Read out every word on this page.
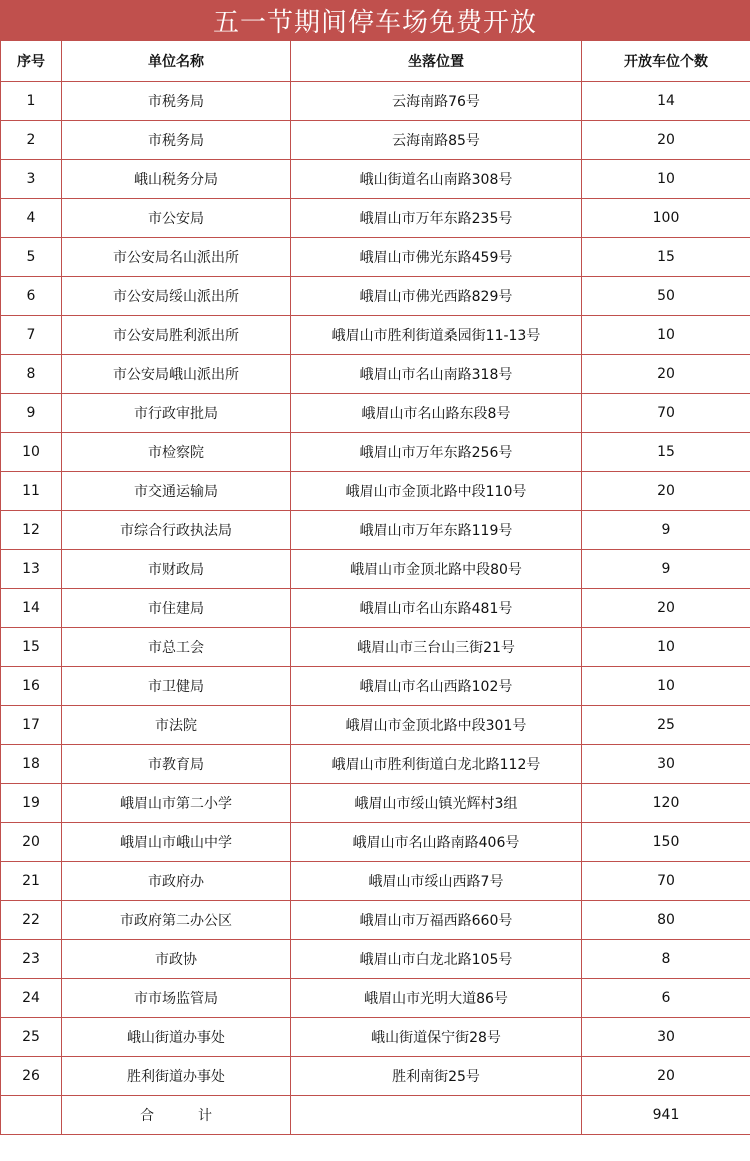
五一节期间停车场免费开放
序号	单位名称	坐落位置	开放车位个数
1	市税务局	云海南路76号	14
2	市税务局	云海南路85号	20
3	峨山税务分局	峨山街道名山南路308号	10
4	市公安局	峨眉山市万年东路235号	100
5	市公安局名山派出所	峨眉山市佛光东路459号	15
6	市公安局绥山派出所	峨眉山市佛光西路829号	50
7	市公安局胜利派出所	峨眉山市胜利街道桑园街11-13号	10
8	市公安局峨山派出所	峨眉山市名山南路318号	20
9	市行政审批局	峨眉山市名山路东段8号	70
10	市检察院	峨眉山市万年东路256号	15
11	市交通运输局	峨眉山市金顶北路中段110号	20
12	市综合行政执法局	峨眉山市万年东路119号	9
13	市财政局	峨眉山市金顶北路中段80号	9
14	市住建局	峨眉山市名山东路481号	20
15	市总工会	峨眉山市三台山三街21号	10
16	市卫健局	峨眉山市名山西路102号	10
17	市法院	峨眉山市金顶北路中段301号	25
18	市教育局	峨眉山市胜利街道白龙北路112号	30
19	峨眉山市第二小学	峨眉山市绥山镇光辉村3组	120
20	峨眉山市峨山中学	峨眉山市名山路南路406号	150
21	市政府办	峨眉山市绥山西路7号	70
22	市政府第二办公区	峨眉山市万福西路660号	80
23	市政协	峨眉山市白龙北路105号	8
24	市市场监管局	峨眉山市光明大道86号	6
25	峨山街道办事处	峨山街道保宁街28号	30
26	胜利街道办事处	胜利南街25号	20
	合 计		941
